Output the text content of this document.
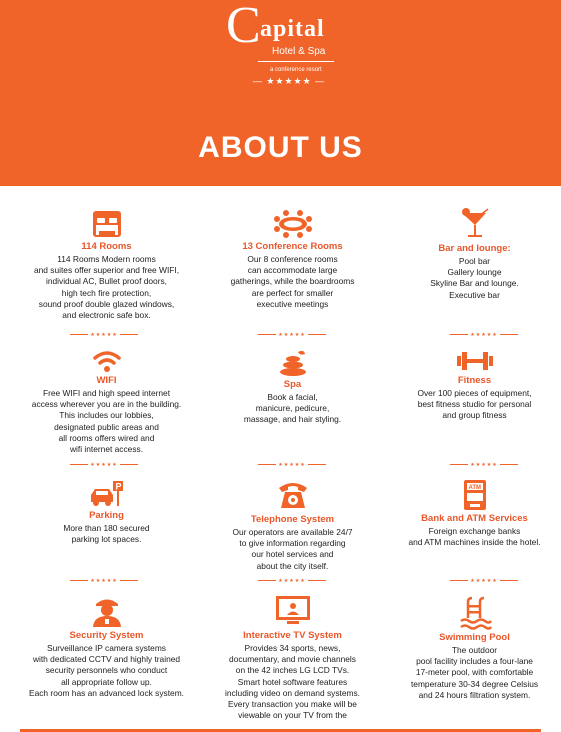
C apital
Hotel & Spa
a conference resort
— ★★★★★ —
ABOUT US
114 Rooms
114 Rooms Modern rooms
and suites offer superior and free WIFI,
individual AC, Bullet proof doors,
high tech fire protection,
sound proof double glazed windows,
and electronic safe box.
13 Conference Rooms
Our 8 conference rooms
can accommodate large
gatherings, while the boardrooms
are perfect for smaller
executive meetings
Bar and lounge:
Pool bar
Gallery lounge
Skyline Bar and lounge.
Executive bar
★★★★★	★★★★★	★★★★★
WIFI
Free WIFI and high speed internet
access wherever you are in the building.
This includes our lobbies,
designated public areas and
all rooms offers wired and
wifi internet access.
Spa
Book a facial,
manicure, pedicure,
massage, and hair styling.
Fitness
Over 100 pieces of equipment,
best fitness studio for personal
and group fitness
★★★★★	★★★★★	★★★★★
P
Parking
More than 180 secured
parking lot spaces.
Telephone System
Our operators are available 24/7
to give information regarding
our hotel services and
about the city itself.
ATM
Bank and ATM Services
Foreign exchange banks
and ATM machines inside the hotel.
★★★★★	★★★★★	★★★★★
Security System
Surveillance IP camera systems
with dedicated CCTV and highly trained
security personnels who conduct
all appropriate follow up.
Each room has an advanced lock system.
Interactive TV System
Provides 34 sports, news,
documentary, and movie channels
on the 42 inches LG LCD TVs.
Smart hotel software features
including video on demand systems.
Every transaction you make will be
viewable on your TV from the
Swimming Pool
The outdoor
pool facility includes a four-lane
17-meter pool, with comfortable
temperature 30-34 degree Celsius
and 24 hours filtration system.
